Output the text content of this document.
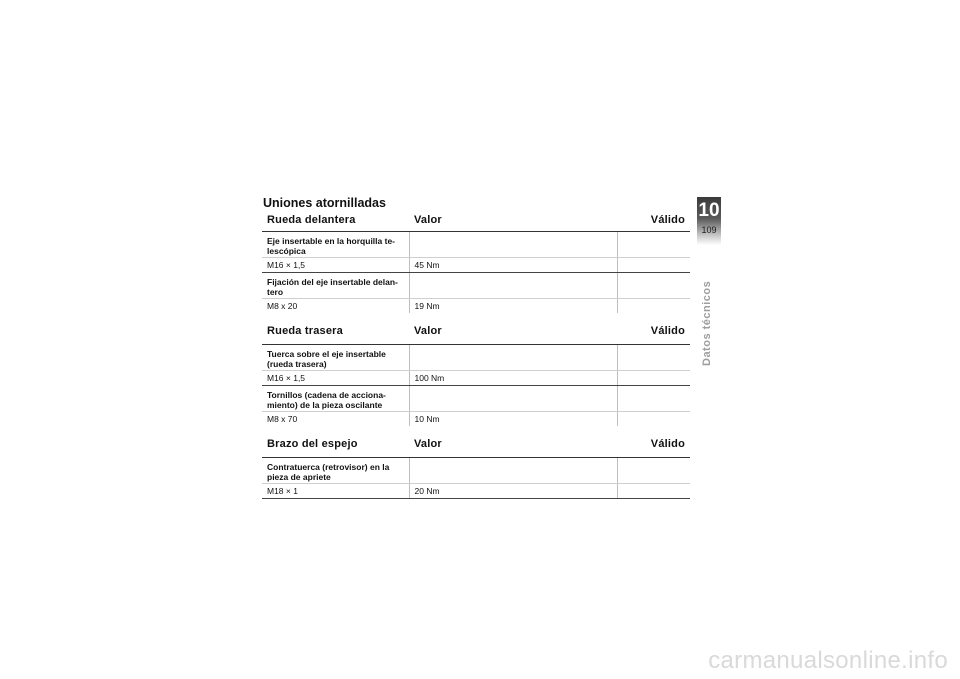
Uniones atornilladas
Rueda delantera	Valor	Válido
Eje insertable en la horquilla te-lescópica		
M16 × 1,5	45 Nm	
Fijación del eje insertable delan-tero		
M8 x 20	19 Nm	
Rueda trasera	Valor	Válido
Tuerca sobre el eje insertable (rueda trasera)		
M16 × 1,5	100 Nm	
Tornillos (cadena de acciona-miento) de la pieza oscilante		
M8 x 70	10 Nm	
Brazo del espejo	Valor	Válido
Contratuerca (retrovisor) en la pieza de apriete		
M18 × 1	20 Nm	
10
109
Datos técnicos
carmanualsonline.info
